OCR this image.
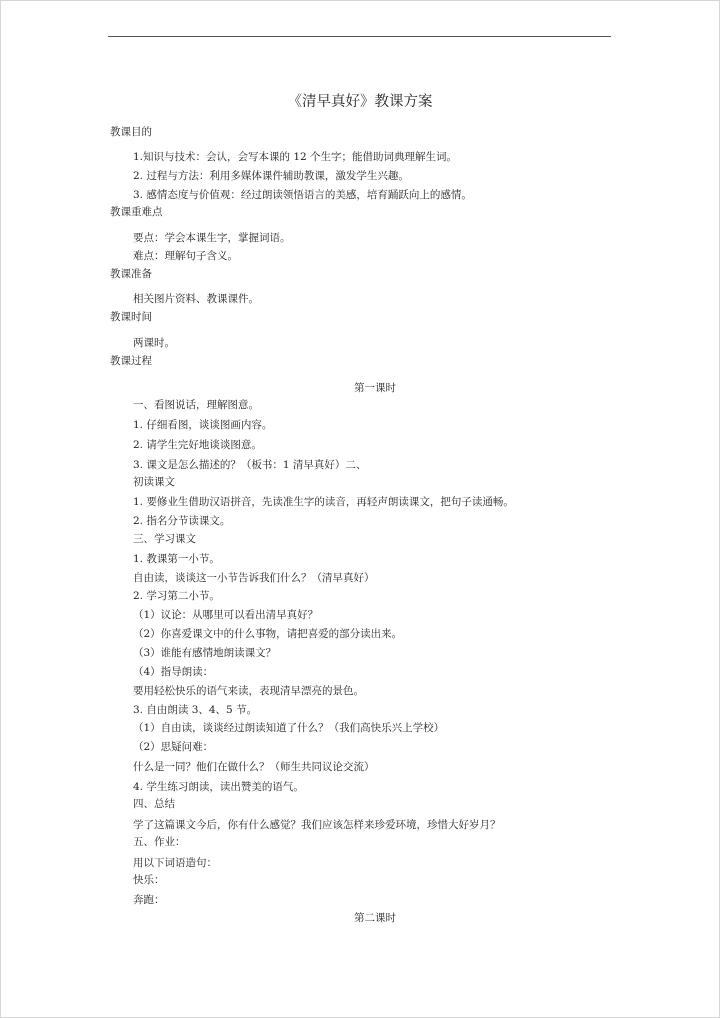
《清早真好》教课方案
教课目的
1.知识与技术：会认，会写本课的 12 个生字；能借助词典理解生词。
2. 过程与方法：利用多媒体课件辅助教课，激发学生兴趣。
3. 感情态度与价值观：经过朗读领悟语言的美感，培育踊跃向上的感情。
教课重难点
要点：学会本课生字，掌握词语。
难点：理解句子含义。
教课准备
相关图片资料、教课课件。
教课时间
两课时。
教课过程
第一课时
一、看图说话，理解图意。
1. 仔细看图，谈谈图画内容。
2. 请学生完好地谈谈图意。
3. 课文是怎么描述的？（板书：1 清早真好）二、
初读课文
1. 要修业生借助汉语拼音，先读准生字的读音，再轻声朗读课文，把句子读通畅。
2. 指名分节读课文。
三、学习课文
1. 教课第一小节。
自由读，谈谈这一小节告诉我们什么？（清早真好）
2. 学习第二小节。
（1）议论：从哪里可以看出清早真好？
（2）你喜爱课文中的什么事物，请把喜爱的部分读出来。
（3）谁能有感情地朗读课文？
（4）指导朗读：
要用轻松快乐的语气来读，表现清早漂亮的景色。
3. 自由朗读 3、4、5 节。
（1）自由读，谈谈经过朗读知道了什么？（我们高快乐兴上学校）
（2）思疑问难：
什么是一同？他们在做什么？（师生共同议论交流）
4. 学生练习朗读，读出赞美的语气。
四、总结
学了这篇课文今后，你有什么感觉？我们应该怎样来珍爱环境，珍惜大好岁月？
五、作业：
用以下词语造句：
快乐：
奔跑：
第二课时
